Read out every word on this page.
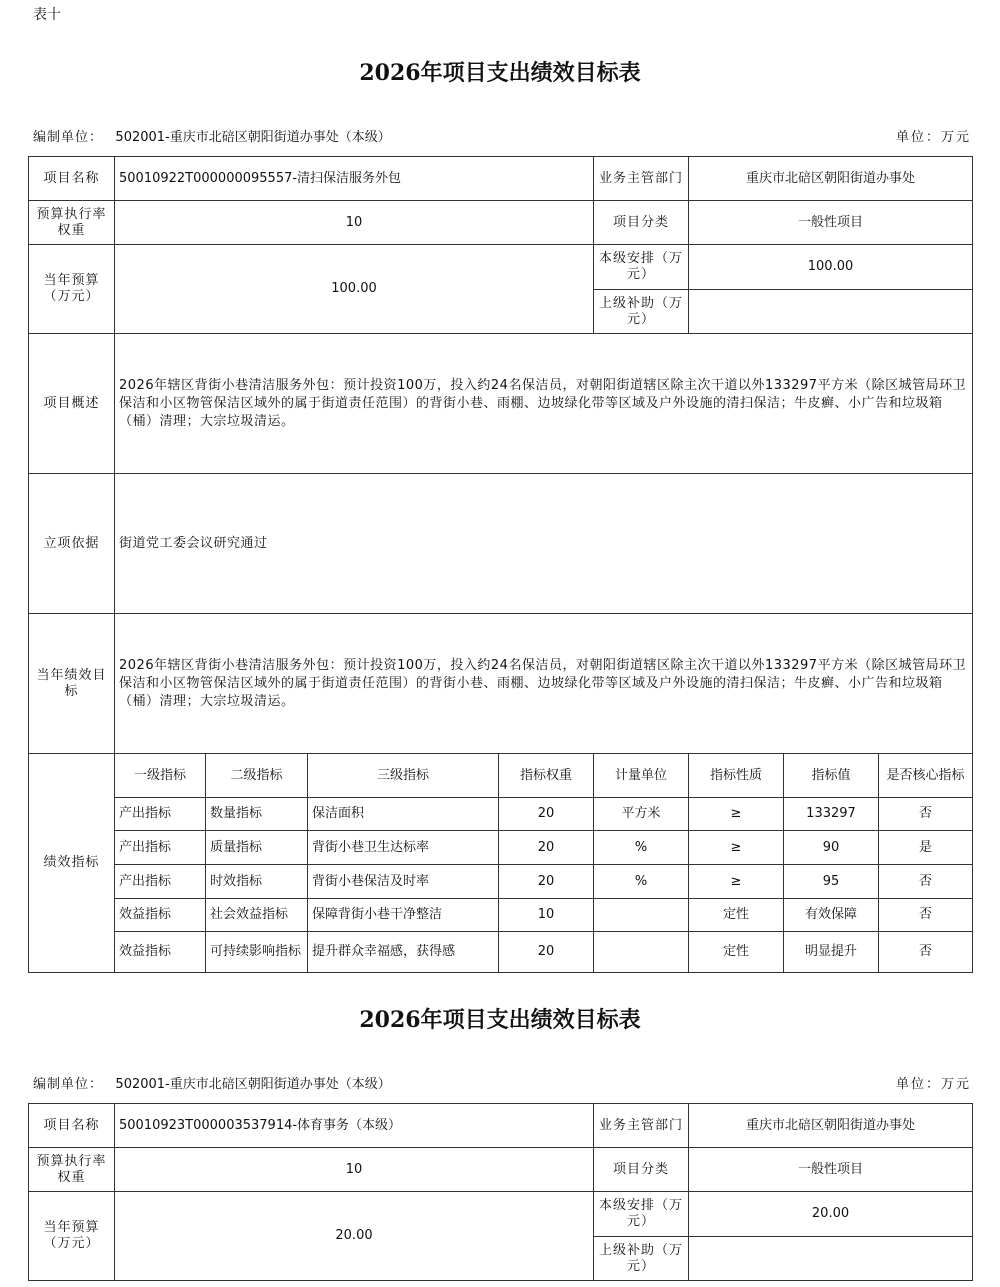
表十
2026年项目支出绩效目标表
编制单位： 502001-重庆市北碚区朝阳街道办事处（本级）	单位：万元
项目名称	50010922T000000095557-清扫保洁服务外包				业务主管部门	重庆市北碚区朝阳街道办事处		
预算执行率权重	10				项目分类	一般性项目		
当年预算（万元）	100.00				本级安排（万元）	100.00		
					上级补助（万元）			
项目概述	2026年辖区背街小巷清洁服务外包：预计投资100万，投入约24名保洁员，对朝阳街道辖区除主次干道以外133297平方米（除区城管局环卫保洁和小区物管保洁区域外的属于街道责任范围）的背街小巷、雨棚、边坡绿化带等区域及户外设施的清扫保洁；牛皮癣、小广告和垃圾箱（桶）清理；大宗垃圾清运。							
立项依据	街道党工委会议研究通过							
当年绩效目标	2026年辖区背街小巷清洁服务外包：预计投资100万，投入约24名保洁员，对朝阳街道辖区除主次干道以外133297平方米（除区城管局环卫保洁和小区物管保洁区域外的属于街道责任范围）的背街小巷、雨棚、边坡绿化带等区域及户外设施的清扫保洁；牛皮癣、小广告和垃圾箱（桶）清理；大宗垃圾清运。							
绩效指标	一级指标	二级指标	三级指标	指标权重	计量单位	指标性质	指标值	是否核心指标
	产出指标	数量指标	保洁面积	20	平方米	≥	133297	否
	产出指标	质量指标	背街小巷卫生达标率	20	%	≥	90	是
	产出指标	时效指标	背街小巷保洁及时率	20	%	≥	95	否
	效益指标	社会效益指标	保障背街小巷干净整洁	10		定性	有效保障	否
	效益指标	可持续影响指标	提升群众幸福感，获得感	20		定性	明显提升	否
2026年项目支出绩效目标表
编制单位： 502001-重庆市北碚区朝阳街道办事处（本级）	单位：万元
项目名称	50010923T000003537914-体育事务（本级）	业务主管部门	重庆市北碚区朝阳街道办事处
预算执行率权重	10	项目分类	一般性项目
当年预算（万元）	20.00	本级安排（万元）	20.00
		上级补助（万元）	
